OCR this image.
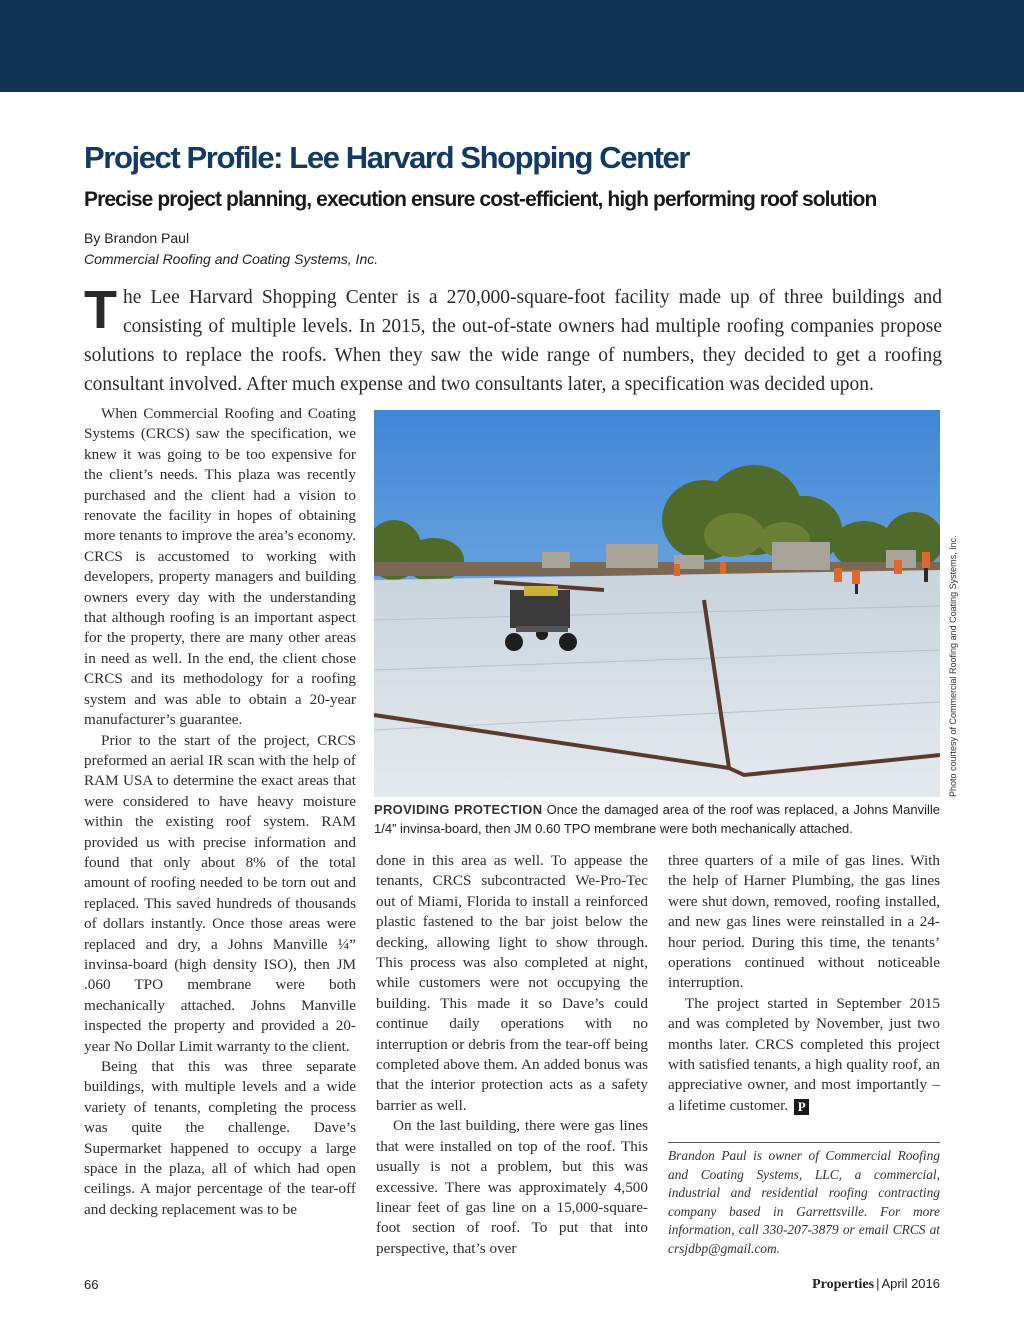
Project Profile: Lee Harvard Shopping Center
Precise project planning, execution ensure cost-efficient, high performing roof solution
By Brandon Paul
Commercial Roofing and Coating Systems, Inc.
The Lee Harvard Shopping Center is a 270,000-square-foot facility made up of three buildings and consisting of multiple levels. In 2015, the out-of-state owners had multiple roofing companies propose solutions to replace the roofs. When they saw the wide range of numbers, they decided to get a roofing consultant involved. After much expense and two consultants later, a specification was decided upon.

When Commercial Roofing and Coating Systems (CRCS) saw the specification, we knew it was going to be too expensive for the client’s needs. This plaza was recently purchased and the client had a vision to renovate the facility in hopes of obtaining more tenants to improve the area’s economy. CRCS is accustomed to working with developers, property managers and building owners every day with the understanding that although roofing is an important aspect for the property, there are many other areas in need as well. In the end, the client chose CRCS and its methodology for a roofing system and was able to obtain a 20-year manufacturer’s guarantee.

Prior to the start of the project, CRCS preformed an aerial IR scan with the help of RAM USA to determine the exact areas that were considered to have heavy moisture within the existing roof system. RAM provided us with precise information and found that only about 8% of the total amount of roofing needed to be torn out and replaced. This saved hundreds of thousands of dollars instantly. Once those areas were replaced and dry, a Johns Manville ¼” invinsa-board (high density ISO), then JM .060 TPO membrane were both mechanically attached. Johns Manville inspected the property and provided a 20-year No Dollar Limit warranty to the client.

Being that this was three separate buildings, with multiple levels and a wide variety of tenants, completing the process was quite the challenge. Dave’s Supermarket happened to occupy a large space in the plaza, all of which had open ceilings. A major percentage of the tear-off and decking replacement was to be

Photo courtesy of Commercial Roofing and Coating Systems, Inc.
PROVIDING PROTECTION Once the damaged area of the roof was replaced, a Johns Manville 1/4” invinsa-board, then JM 0.60 TPO membrane were both mechanically attached.

done in this area as well. To appease the tenants, CRCS subcontracted We-Pro-Tec out of Miami, Florida to install a reinforced plastic fastened to the bar joist below the decking, allowing light to show through. This process was also completed at night, while customers were not occupying the building. This made it so Dave’s could continue daily operations with no interruption or debris from the tear-off being completed above them. An added bonus was that the interior protection acts as a safety barrier as well.

On the last building, there were gas lines that were installed on top of the roof. This usually is not a problem, but this was excessive. There was approximately 4,500 linear feet of gas line on a 15,000-square-foot section of roof. To put that into perspective, that’s over

three quarters of a mile of gas lines. With the help of Harner Plumbing, the gas lines were shut down, removed, roofing installed, and new gas lines were reinstalled in a 24-hour period. During this time, the tenants’ operations continued without noticeable interruption.

The project started in September 2015 and was completed by November, just two months later. CRCS completed this project with satisfied tenants, a high quality roof, an appreciative owner, and most importantly – a lifetime customer. P

Brandon Paul is owner of Commercial Roofing and Coating Systems, LLC, a commercial, industrial and residential roofing contracting company based in Garrettsville. For more information, call 330-207-3879 or email CRCS at crsjdbp@gmail.com.
66	Properties | April 2016
